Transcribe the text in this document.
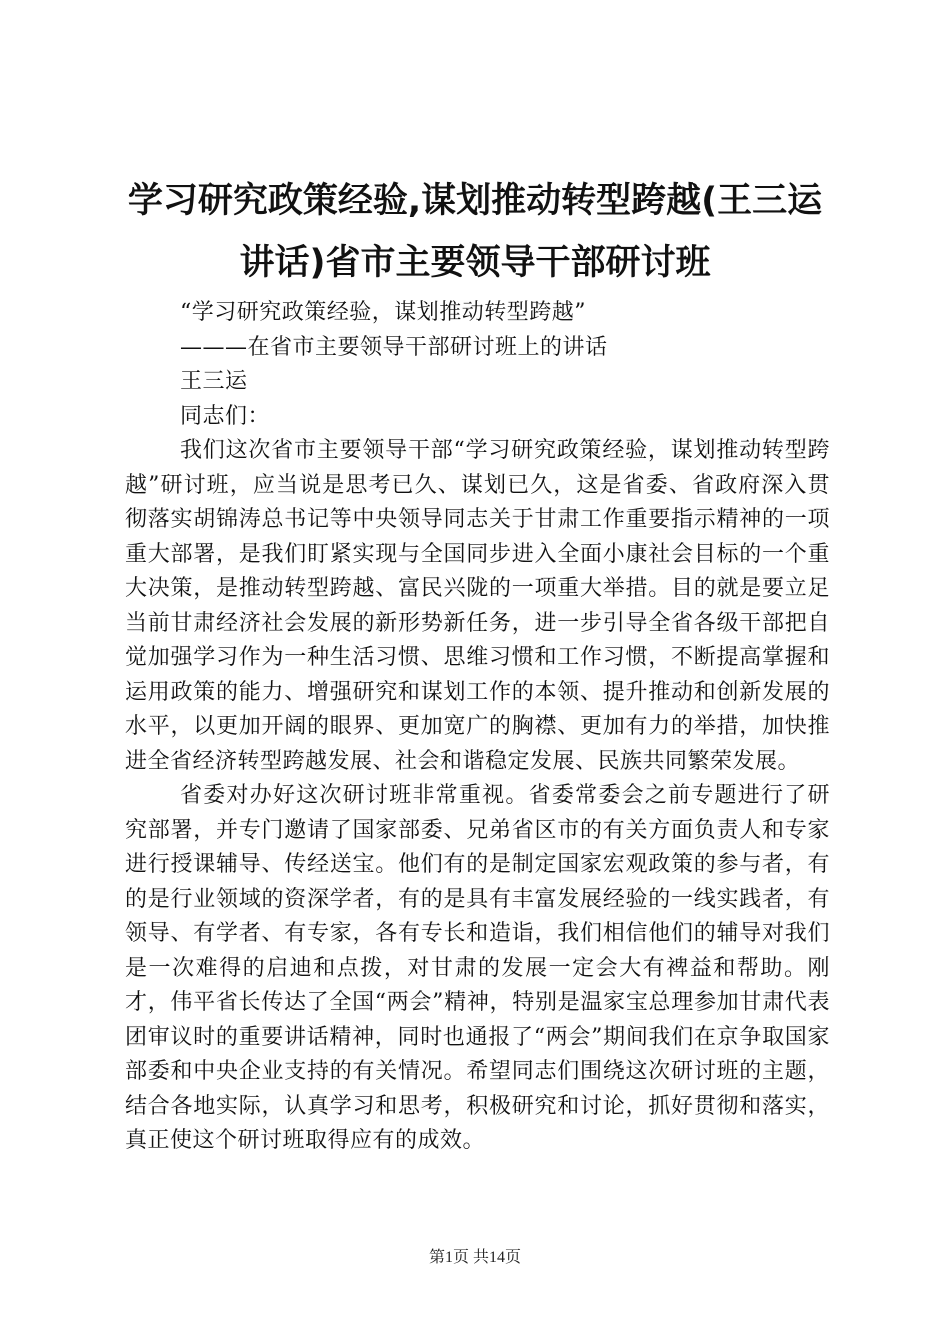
学习研究政策经验,谋划推动转型跨越(王三运
讲话)省市主要领导干部研讨班
“学习研究政策经验，谋划推动转型跨越”
———在省市主要领导干部研讨班上的讲话
王三运
同志们：

我们这次省市主要领导干部“学习研究政策经验，谋划推动转型跨越”研讨班，应当说是思考已久、谋划已久，这是省委、省政府深入贯彻落实胡锦涛总书记等中央领导同志关于甘肃工作重要指示精神的一项重大部署，是我们盯紧实现与全国同步进入全面小康社会目标的一个重大决策，是推动转型跨越、富民兴陇的一项重大举措。目的就是要立足当前甘肃经济社会发展的新形势新任务，进一步引导全省各级干部把自觉加强学习作为一种生活习惯、思维习惯和工作习惯，不断提高掌握和运用政策的能力、增强研究和谋划工作的本领、提升推动和创新发展的水平，以更加开阔的眼界、更加宽广的胸襟、更加有力的举措，加快推进全省经济转型跨越发展、社会和谐稳定发展、民族共同繁荣发展。

省委对办好这次研讨班非常重视。省委常委会之前专题进行了研究部署，并专门邀请了国家部委、兄弟省区市的有关方面负责人和专家进行授课辅导、传经送宝。他们有的是制定国家宏观政策的参与者，有的是行业领域的资深学者，有的是具有丰富发展经验的一线实践者，有领导、有学者、有专家，各有专长和造诣，我们相信他们的辅导对我们是一次难得的启迪和点拨，对甘肃的发展一定会大有裨益和帮助。刚才，伟平省长传达了全国“两会”精神，特别是温家宝总理参加甘肃代表团审议时的重要讲话精神，同时也通报了“两会”期间我们在京争取国家部委和中央企业支持的有关情况。希望同志们围绕这次研讨班的主题，结合各地实际，认真学习和思考，积极研究和讨论，抓好贯彻和落实，真正使这个研讨班取得应有的成效。

第1页 共14页
